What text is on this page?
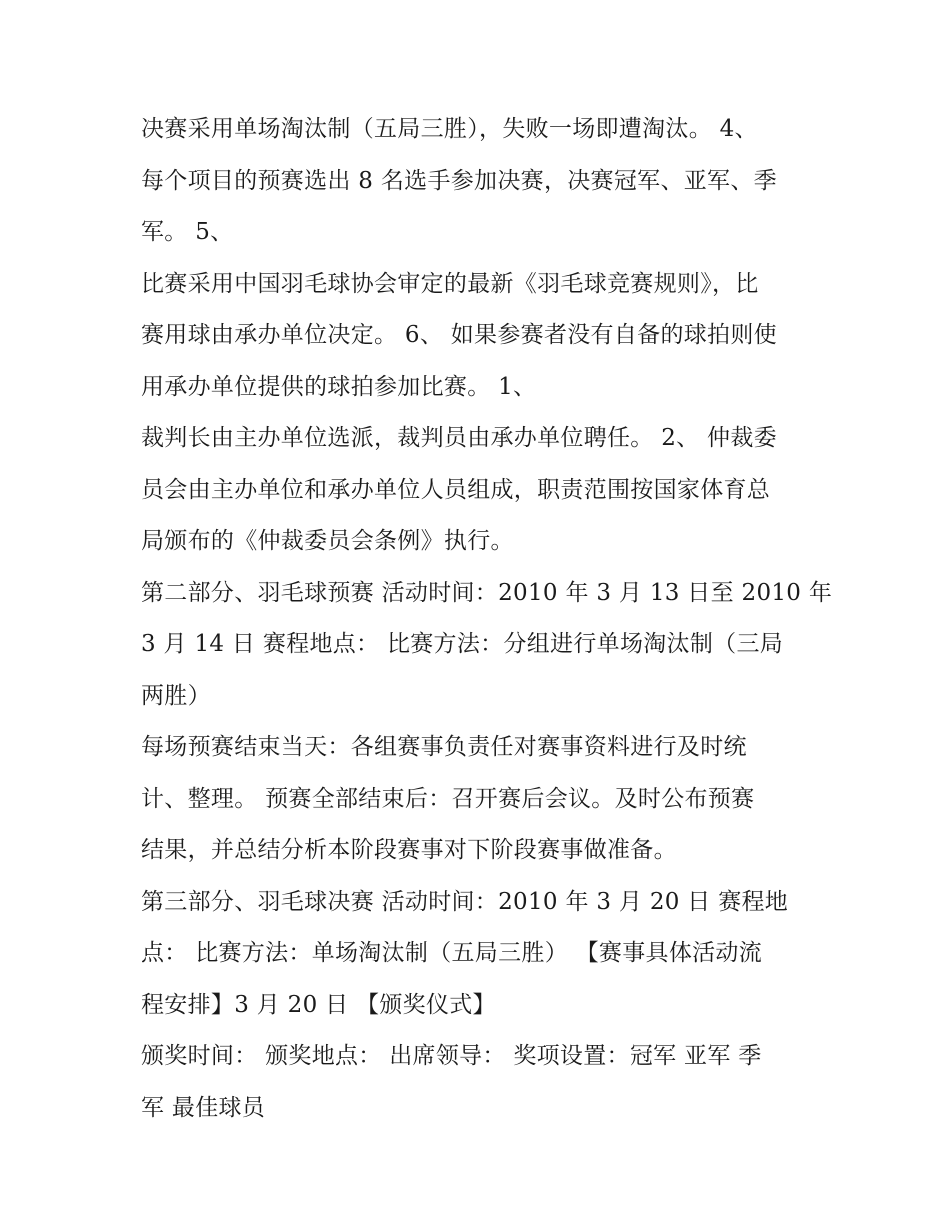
决赛采用单场淘汰制（五局三胜），失败一场即遭淘汰。 4、
每个项目的预赛选出 8 名选手参加决赛，决赛冠军、亚军、季
军。 5、
比赛采用中国羽毛球协会审定的最新《羽毛球竞赛规则》，比
赛用球由承办单位决定。 6、 如果参赛者没有自备的球拍则使
用承办单位提供的球拍参加比赛。 1、
裁判长由主办单位选派，裁判员由承办单位聘任。 2、 仲裁委
员会由主办单位和承办单位人员组成，职责范围按国家体育总
局颁布的《仲裁委员会条例》执行。
第二部分、羽毛球预赛 活动时间：2010 年 3 月 13 日至 2010 年
3 月 14 日 赛程地点： 比赛方法：分组进行单场淘汰制（三局
两胜）
每场预赛结束当天：各组赛事负责任对赛事资料进行及时统
计、整理。 预赛全部结束后：召开赛后会议。及时公布预赛
结果，并总结分析本阶段赛事对下阶段赛事做准备。
第三部分、羽毛球决赛 活动时间：2010 年 3 月 20 日 赛程地
点： 比赛方法：单场淘汰制（五局三胜） 【赛事具体活动流
程安排】3 月 20 日 【颁奖仪式】
颁奖时间： 颁奖地点： 出席领导： 奖项设置：冠军 亚军 季
军 最佳球员
